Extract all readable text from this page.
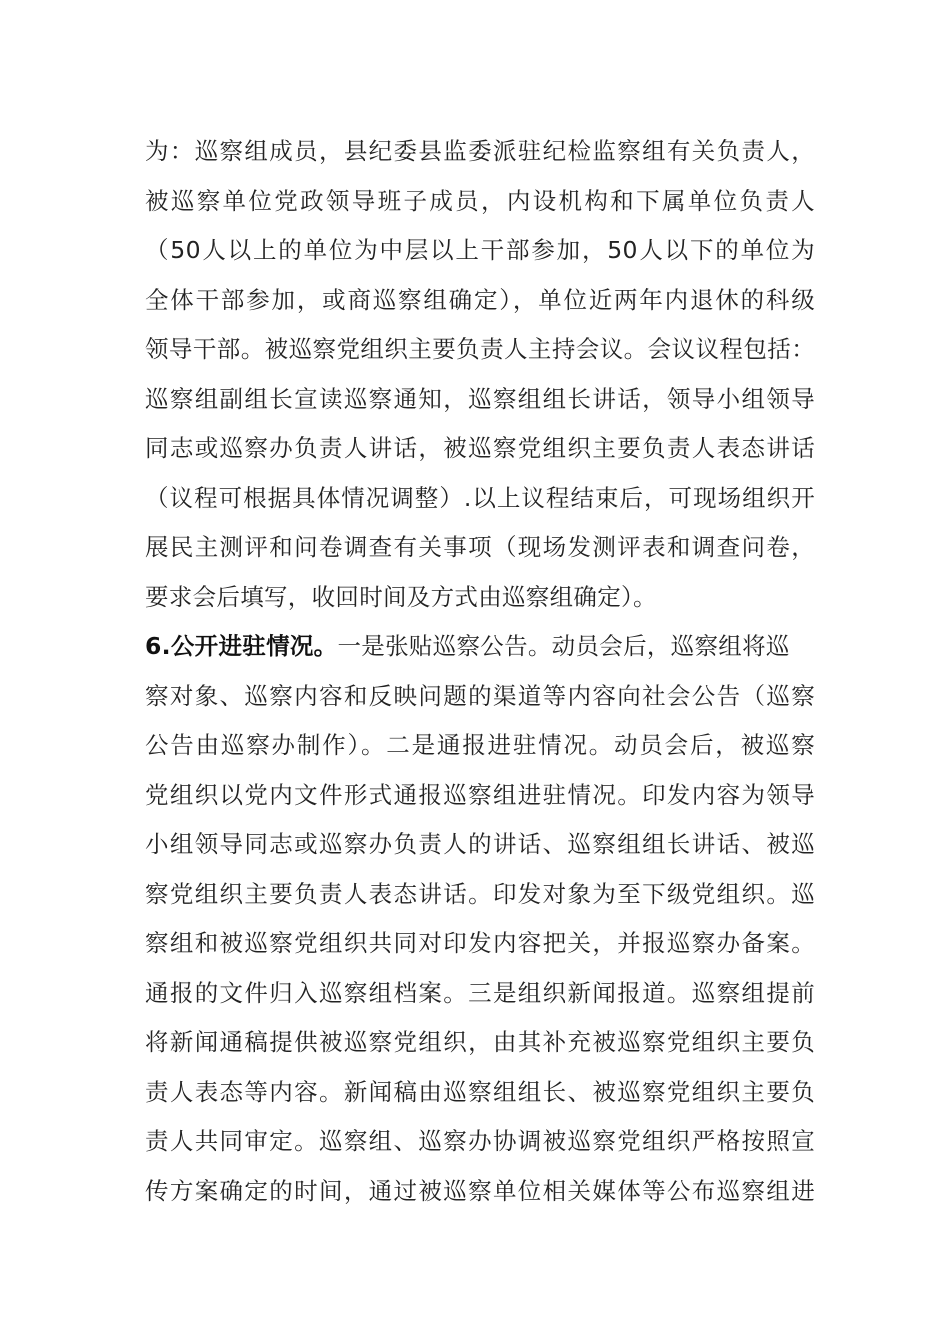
为：巡察组成员，县纪委县监委派驻纪检监察组有关负责人，
被巡察单位党政领导班子成员，内设机构和下属单位负责人
（50人以上的单位为中层以上干部参加，50人以下的单位为
全体干部参加，或商巡察组确定），单位近两年内退休的科级
领导干部。被巡察党组织主要负责人主持会议。会议议程包括：
巡察组副组长宣读巡察通知，巡察组组长讲话，领导小组领导
同志或巡察办负责人讲话，被巡察党组织主要负责人表态讲话
（议程可根据具体情况调整）.以上议程结束后，可现场组织开
展民主测评和问卷调查有关事项（现场发测评表和调查问卷，
要求会后填写，收回时间及方式由巡察组确定）。
6.公开进驻情况。一是张贴巡察公告。动员会后，巡察组将巡
察对象、巡察内容和反映问题的渠道等内容向社会公告（巡察
公告由巡察办制作）。二是通报进驻情况。动员会后，被巡察
党组织以党内文件形式通报巡察组进驻情况。印发内容为领导
小组领导同志或巡察办负责人的讲话、巡察组组长讲话、被巡
察党组织主要负责人表态讲话。印发对象为至下级党组织。巡
察组和被巡察党组织共同对印发内容把关，并报巡察办备案。
通报的文件归入巡察组档案。三是组织新闻报道。巡察组提前
将新闻通稿提供被巡察党组织，由其补充被巡察党组织主要负
责人表态等内容。新闻稿由巡察组组长、被巡察党组织主要负
责人共同审定。巡察组、巡察办协调被巡察党组织严格按照宣
传方案确定的时间，通过被巡察单位相关媒体等公布巡察组进
